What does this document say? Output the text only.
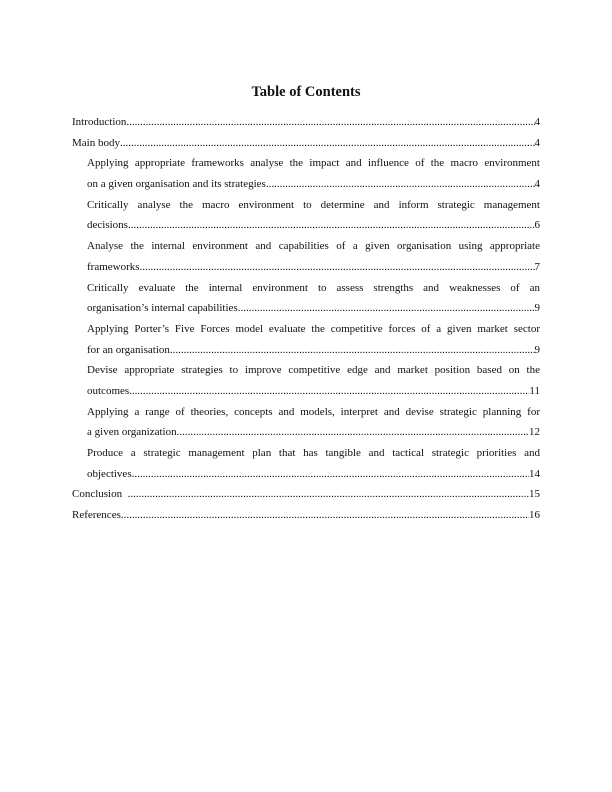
Table of Contents
Introduction .....	4
Main body .....	4
Applying appropriate frameworks analyse the impact and influence of the macro environment
on a given organisation and its strategies .....	4
Critically analyse the macro environment to determine and inform strategic management
decisions .....	6
Analyse the internal environment and capabilities of a given organisation using appropriate
frameworks .....	7
Critically evaluate the internal environment to assess strengths and weaknesses of an
organisation’s internal capabilities .....	9
Applying Porter’s Five Forces model evaluate the competitive forces of a given market sector
for an organisation .....	9
Devise appropriate strategies to improve competitive edge and market position based on the
outcomes .....	11
Applying a range of theories, concepts and models, interpret and devise strategic planning for
a given organization .....	12
Produce a strategic management plan that has tangible and tactical strategic priorities and
objectives .....	14
Conclusion .....	15
References .....	16
